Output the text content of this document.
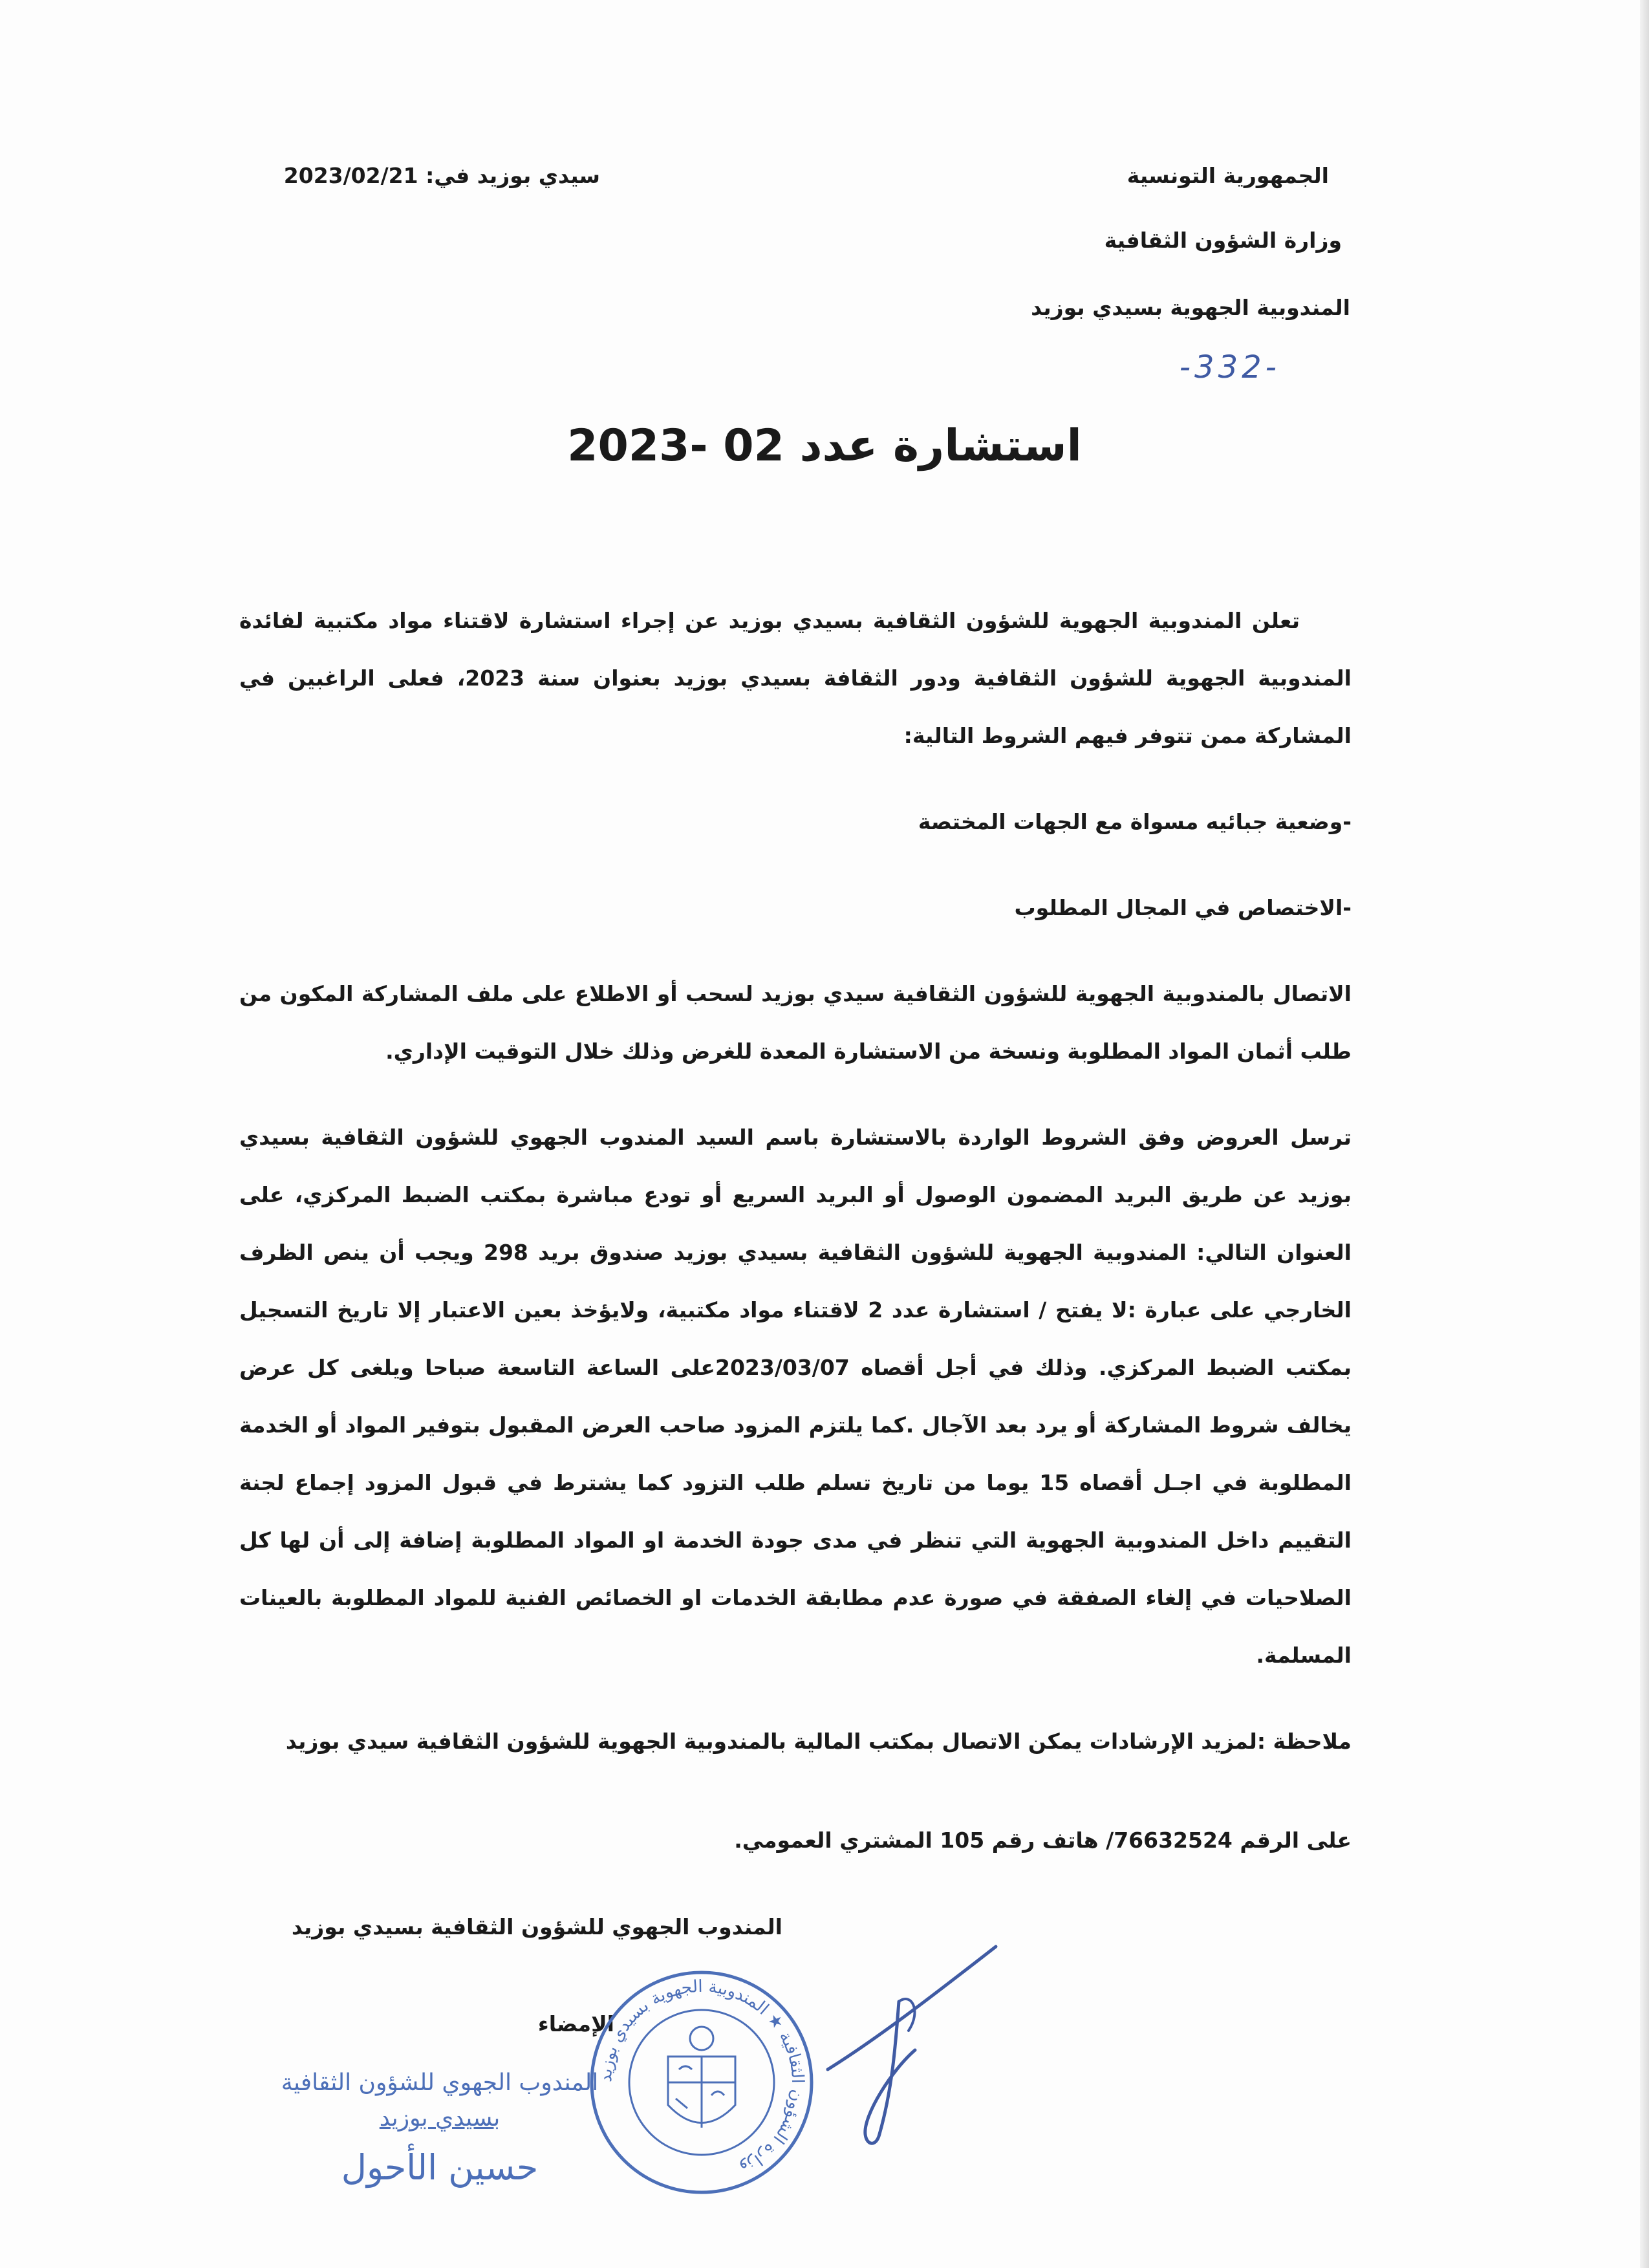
الجمهورية التونسية
وزارة الشؤون الثقافية
المندوبية الجهوية بسيدي بوزيد
-332-
سيدي بوزيد في: 2023/02/21
استشارة عدد 02 -2023

تعلن المندوبية الجهوية للشؤون الثقافية بسيدي بوزيد عن إجراء استشارة لاقتناء مواد مكتبية لفائدة المندوبية الجهوية للشؤون الثقافية ودور الثقافة بسيدي بوزيد بعنوان سنة 2023، فعلى الراغبين في المشاركة ممن تتوفر فيهم الشروط التالية:

-وضعية جبائيه مسواة مع الجهات المختصة

-الاختصاص في المجال المطلوب

الاتصال بالمندوبية الجهوية للشؤون الثقافية سيدي بوزيد لسحب أو الاطلاع على ملف المشاركة المكون من طلب أثمان المواد المطلوبة ونسخة من الاستشارة المعدة للغرض وذلك خلال التوقيت الإداري.

ترسل العروض وفق الشروط الواردة بالاستشارة باسم السيد المندوب الجهوي للشؤون الثقافية بسيدي بوزيد عن طريق البريد المضمون الوصول أو البريد السريع أو تودع مباشرة بمكتب الضبط المركزي، على العنوان التالي: المندوبية الجهوية للشؤون الثقافية بسيدي بوزيد صندوق بريد 298 ويجب أن ينص الظرف الخارجي على عبارة :لا يفتح / استشارة عدد 2 لاقتناء مواد مكتبية، ولايؤخذ بعين الاعتبار إلا تاريخ التسجيل بمكتب الضبط المركزي. وذلك في أجل أقصاه 2023/03/07على الساعة التاسعة صباحا ويلغى كل عرض يخالف شروط المشاركة أو يرد بعد الآجال .كما يلتزم المزود صاحب العرض المقبول بتوفير المواد أو الخدمة المطلوبة في اجـل أقصاه 15 يوما من تاريخ تسلم طلب التزود كما يشترط في قبول المزود إجماع لجنة التقييم داخل المندوبية الجهوية التي تنظر في مدى جودة الخدمة او المواد المطلوبة إضافة إلى أن لها كل الصلاحيات في إلغاء الصفقة في صورة عدم مطابقة الخدمات او الخصائص الفنية للمواد المطلوبة بالعينات المسلمة.

ملاحظة :لمزيد الإرشادات يمكن الاتصال بمكتب المالية بالمندوبية الجهوية للشؤون الثقافية سيدي بوزيد

على الرقم 76632524/ هاتف رقم 105 المشتري العمومي.

المندوب الجهوي للشؤون الثقافية بسيدي بوزيد
الإمضاء
المندوب الجهوي للشؤون الثقافية
بسيدي بوزيد
حسين الأحول
وزارة الشؤون الثقافية ★ المندوبية الجهوية بسيدي بوزيد
